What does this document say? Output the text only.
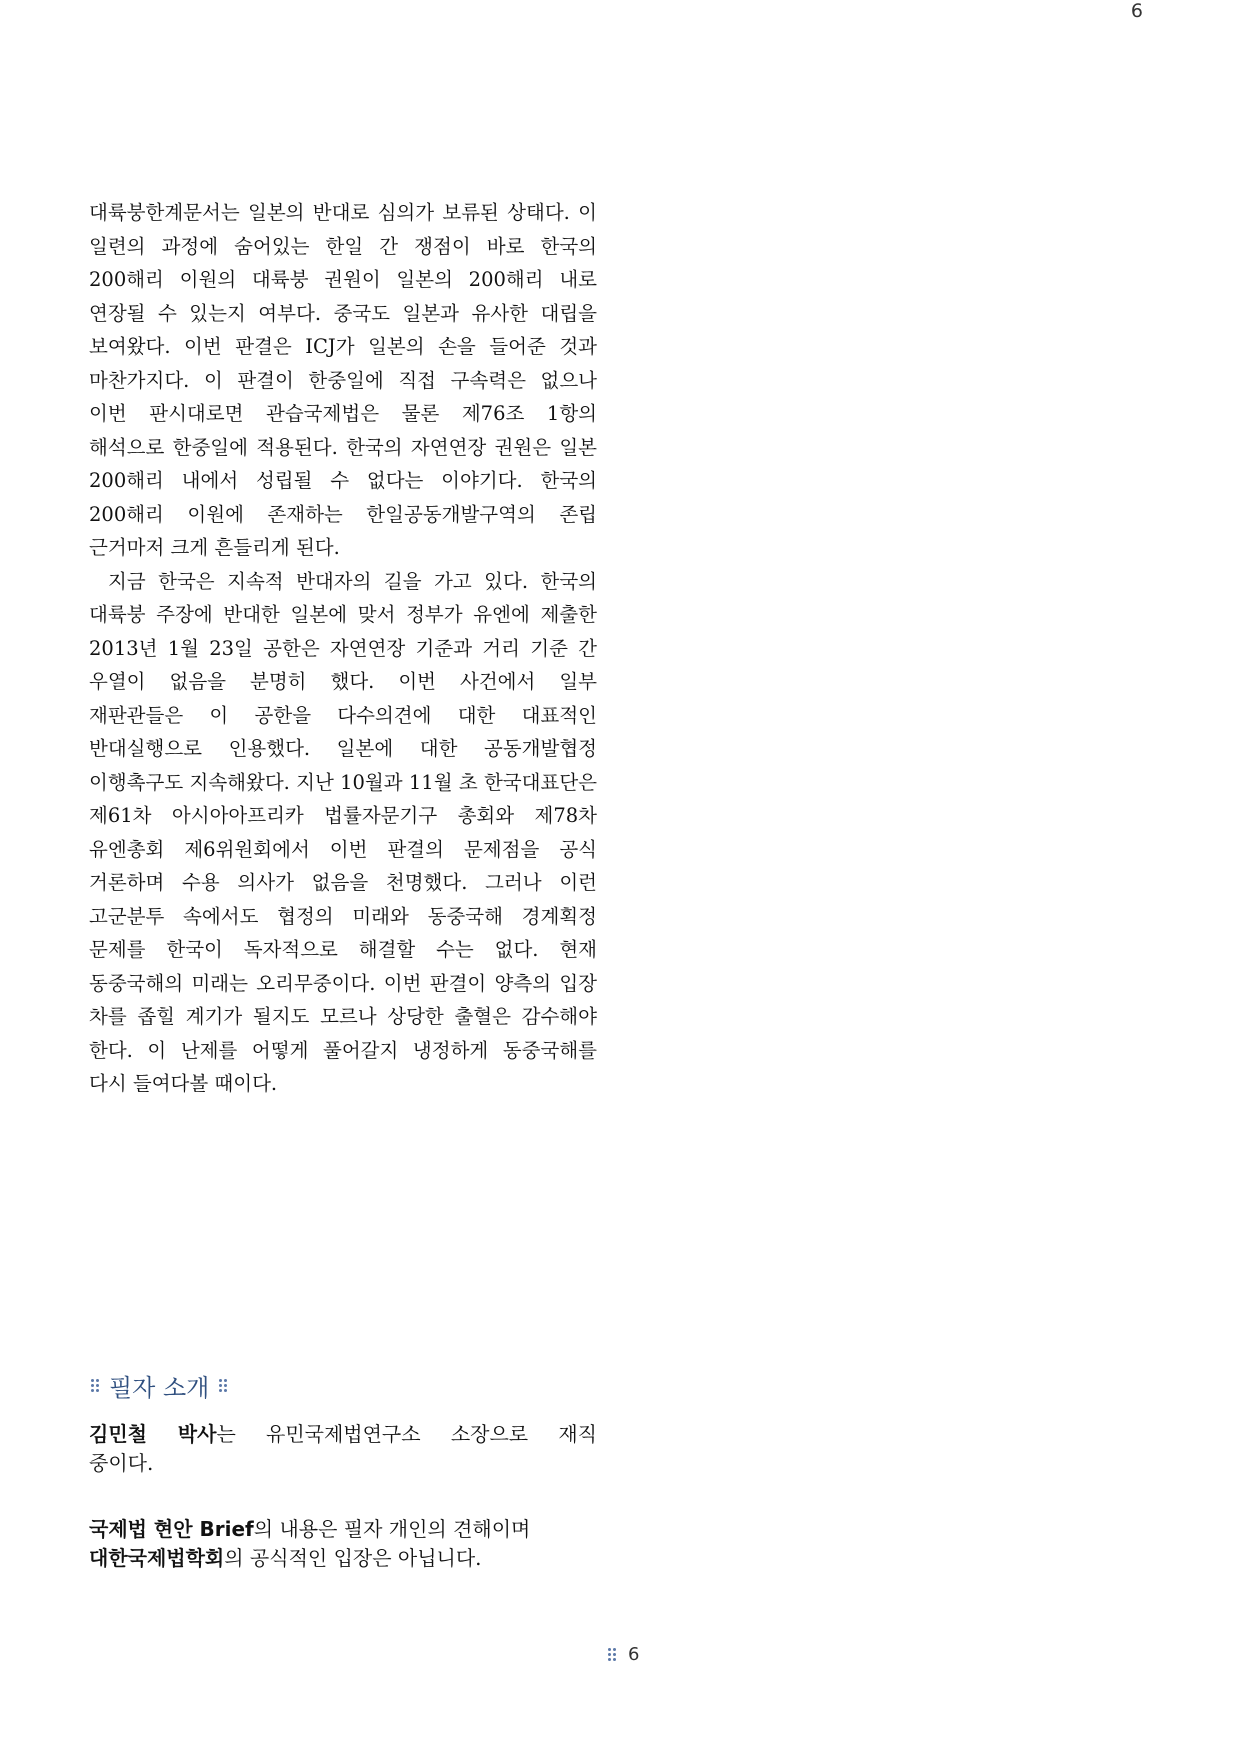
6

대륙붕한계문서는 일본의 반대로 심의가 보류된 상태다. 이

일련의 과정에 숨어있는 한일 간 쟁점이 바로 한국의

200해리 이원의 대륙붕 권원이 일본의 200해리 내로

연장될 수 있는지 여부다. 중국도 일본과 유사한 대립을

보여왔다. 이번 판결은 ICJ가 일본의 손을 들어준 것과

마찬가지다. 이 판결이 한중일에 직접 구속력은 없으나

이번 판시대로면 관습국제법은 물론 제76조 1항의

해석으로 한중일에 적용된다. 한국의 자연연장 권원은 일본

200해리 내에서 성립될 수 없다는 이야기다. 한국의

200해리 이원에 존재하는 한일공동개발구역의 존립

근거마저 크게 흔들리게 된다.

지금 한국은 지속적 반대자의 길을 가고 있다. 한국의

대륙붕 주장에 반대한 일본에 맞서 정부가 유엔에 제출한

2013년 1월 23일 공한은 자연연장 기준과 거리 기준 간

우열이 없음을 분명히 했다. 이번 사건에서 일부

재판관들은 이 공한을 다수의견에 대한 대표적인

반대실행으로 인용했다. 일본에 대한 공동개발협정

이행촉구도 지속해왔다. 지난 10월과 11월 초 한국대표단은

제61차 아시아아프리카 법률자문기구 총회와 제78차

유엔총회 제6위원회에서 이번 판결의 문제점을 공식

거론하며 수용 의사가 없음을 천명했다. 그러나 이런

고군분투 속에서도 협정의 미래와 동중국해 경계획정

문제를 한국이 독자적으로 해결할 수는 없다. 현재

동중국해의 미래는 오리무중이다. 이번 판결이 양측의 입장

차를 좁힐 계기가 될지도 모르나 상당한 출혈은 감수해야

한다. 이 난제를 어떻게 풀어갈지 냉정하게 동중국해를

다시 들여다볼 때이다.

필자 소개

김민철 박사는 유민국제법연구소 소장으로 재직

중이다.

국제법 현안 Brief의 내용은 필자 개인의 견해이며

대한국제법학회의 공식적인 입장은 아닙니다.

6
